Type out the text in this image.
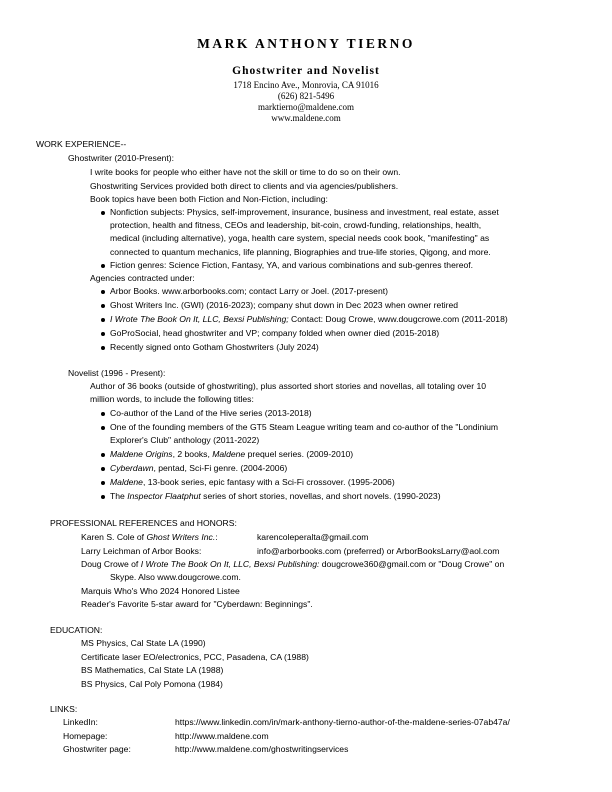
MARK ANTHONY TIERNO
Ghostwriter and Novelist
1718 Encino Ave., Monrovia, CA 91016
(626) 821-5496
marktierno@maldene.com
www.maldene.com
WORK EXPERIENCE--
Ghostwriter (2010-Present):
I write books for people who either have not the skill or time to do so on their own.
Ghostwriting Services provided both direct to clients and via agencies/publishers.
Book topics have been both Fiction and Non-Fiction, including:
Nonfiction subjects: Physics, self-improvement, insurance, business and investment, real estate, asset
protection, health and fitness, CEOs and leadership, bit-coin, crowd-funding, relationships, health,
medical (including alternative), yoga, health care system, special needs cook book, "manifesting" as
connected to quantum mechanics, life planning, Biographies and true-life stories, Qigong, and more.
Fiction genres: Science Fiction, Fantasy, YA, and various combinations and sub-genres thereof.
Agencies contracted under:
Arbor Books. www.arborbooks.com; contact Larry or Joel. (2017-present)
Ghost Writers Inc. (GWI) (2016-2023); company shut down in Dec 2023 when owner retired
I Wrote The Book On It, LLC, Bexsi Publishing; Contact: Doug Crowe, www.dougcrowe.com (2011-2018)
GoProSocial, head ghostwriter and VP; company folded when owner died (2015-2018)
Recently signed onto Gotham Ghostwriters (July 2024)
Novelist (1996 - Present):
Author of 36 books (outside of ghostwriting), plus assorted short stories and novellas, all totaling over 10
million words, to include the following titles:
Co-author of the Land of the Hive series (2013-2018)
One of the founding members of the GT5 Steam League writing team and co-author of the "Londinium
Explorer's Club" anthology (2011-2022)
Maldene Origins, 2 books, Maldene prequel series. (2009-2010)
Cyberdawn, pentad, Sci-Fi genre. (2004-2006)
Maldene, 13-book series, epic fantasy with a Sci-Fi crossover. (1995-2006)
The Inspector Flaatphut series of short stories, novellas, and short novels. (1990-2023)
PROFESSIONAL REFERENCES and HONORS:
Karen S. Cole of Ghost Writers Inc.:	karencoleperalta@gmail.com
Larry Leichman of Arbor Books:	info@arborbooks.com (preferred) or ArborBooksLarry@aol.com
Doug Crowe of I Wrote The Book On It, LLC, Bexsi Publishing: dougcrowe360@gmail.com or "Doug Crowe" on
Skype. Also www.dougcrowe.com.
Marquis Who's Who 2024 Honored Listee
Reader's Favorite 5-star award for "Cyberdawn: Beginnings".
EDUCATION:
MS Physics, Cal State LA (1990)
Certificate laser EO/electronics, PCC, Pasadena, CA (1988)
BS Mathematics, Cal State LA (1988)
BS Physics, Cal Poly Pomona (1984)
LINKS:
LinkedIn:	https://www.linkedin.com/in/mark-anthony-tierno-author-of-the-maldene-series-07ab47a/
Homepage:	http://www.maldene.com
Ghostwriter page:	http://www.maldene.com/ghostwritingservices
